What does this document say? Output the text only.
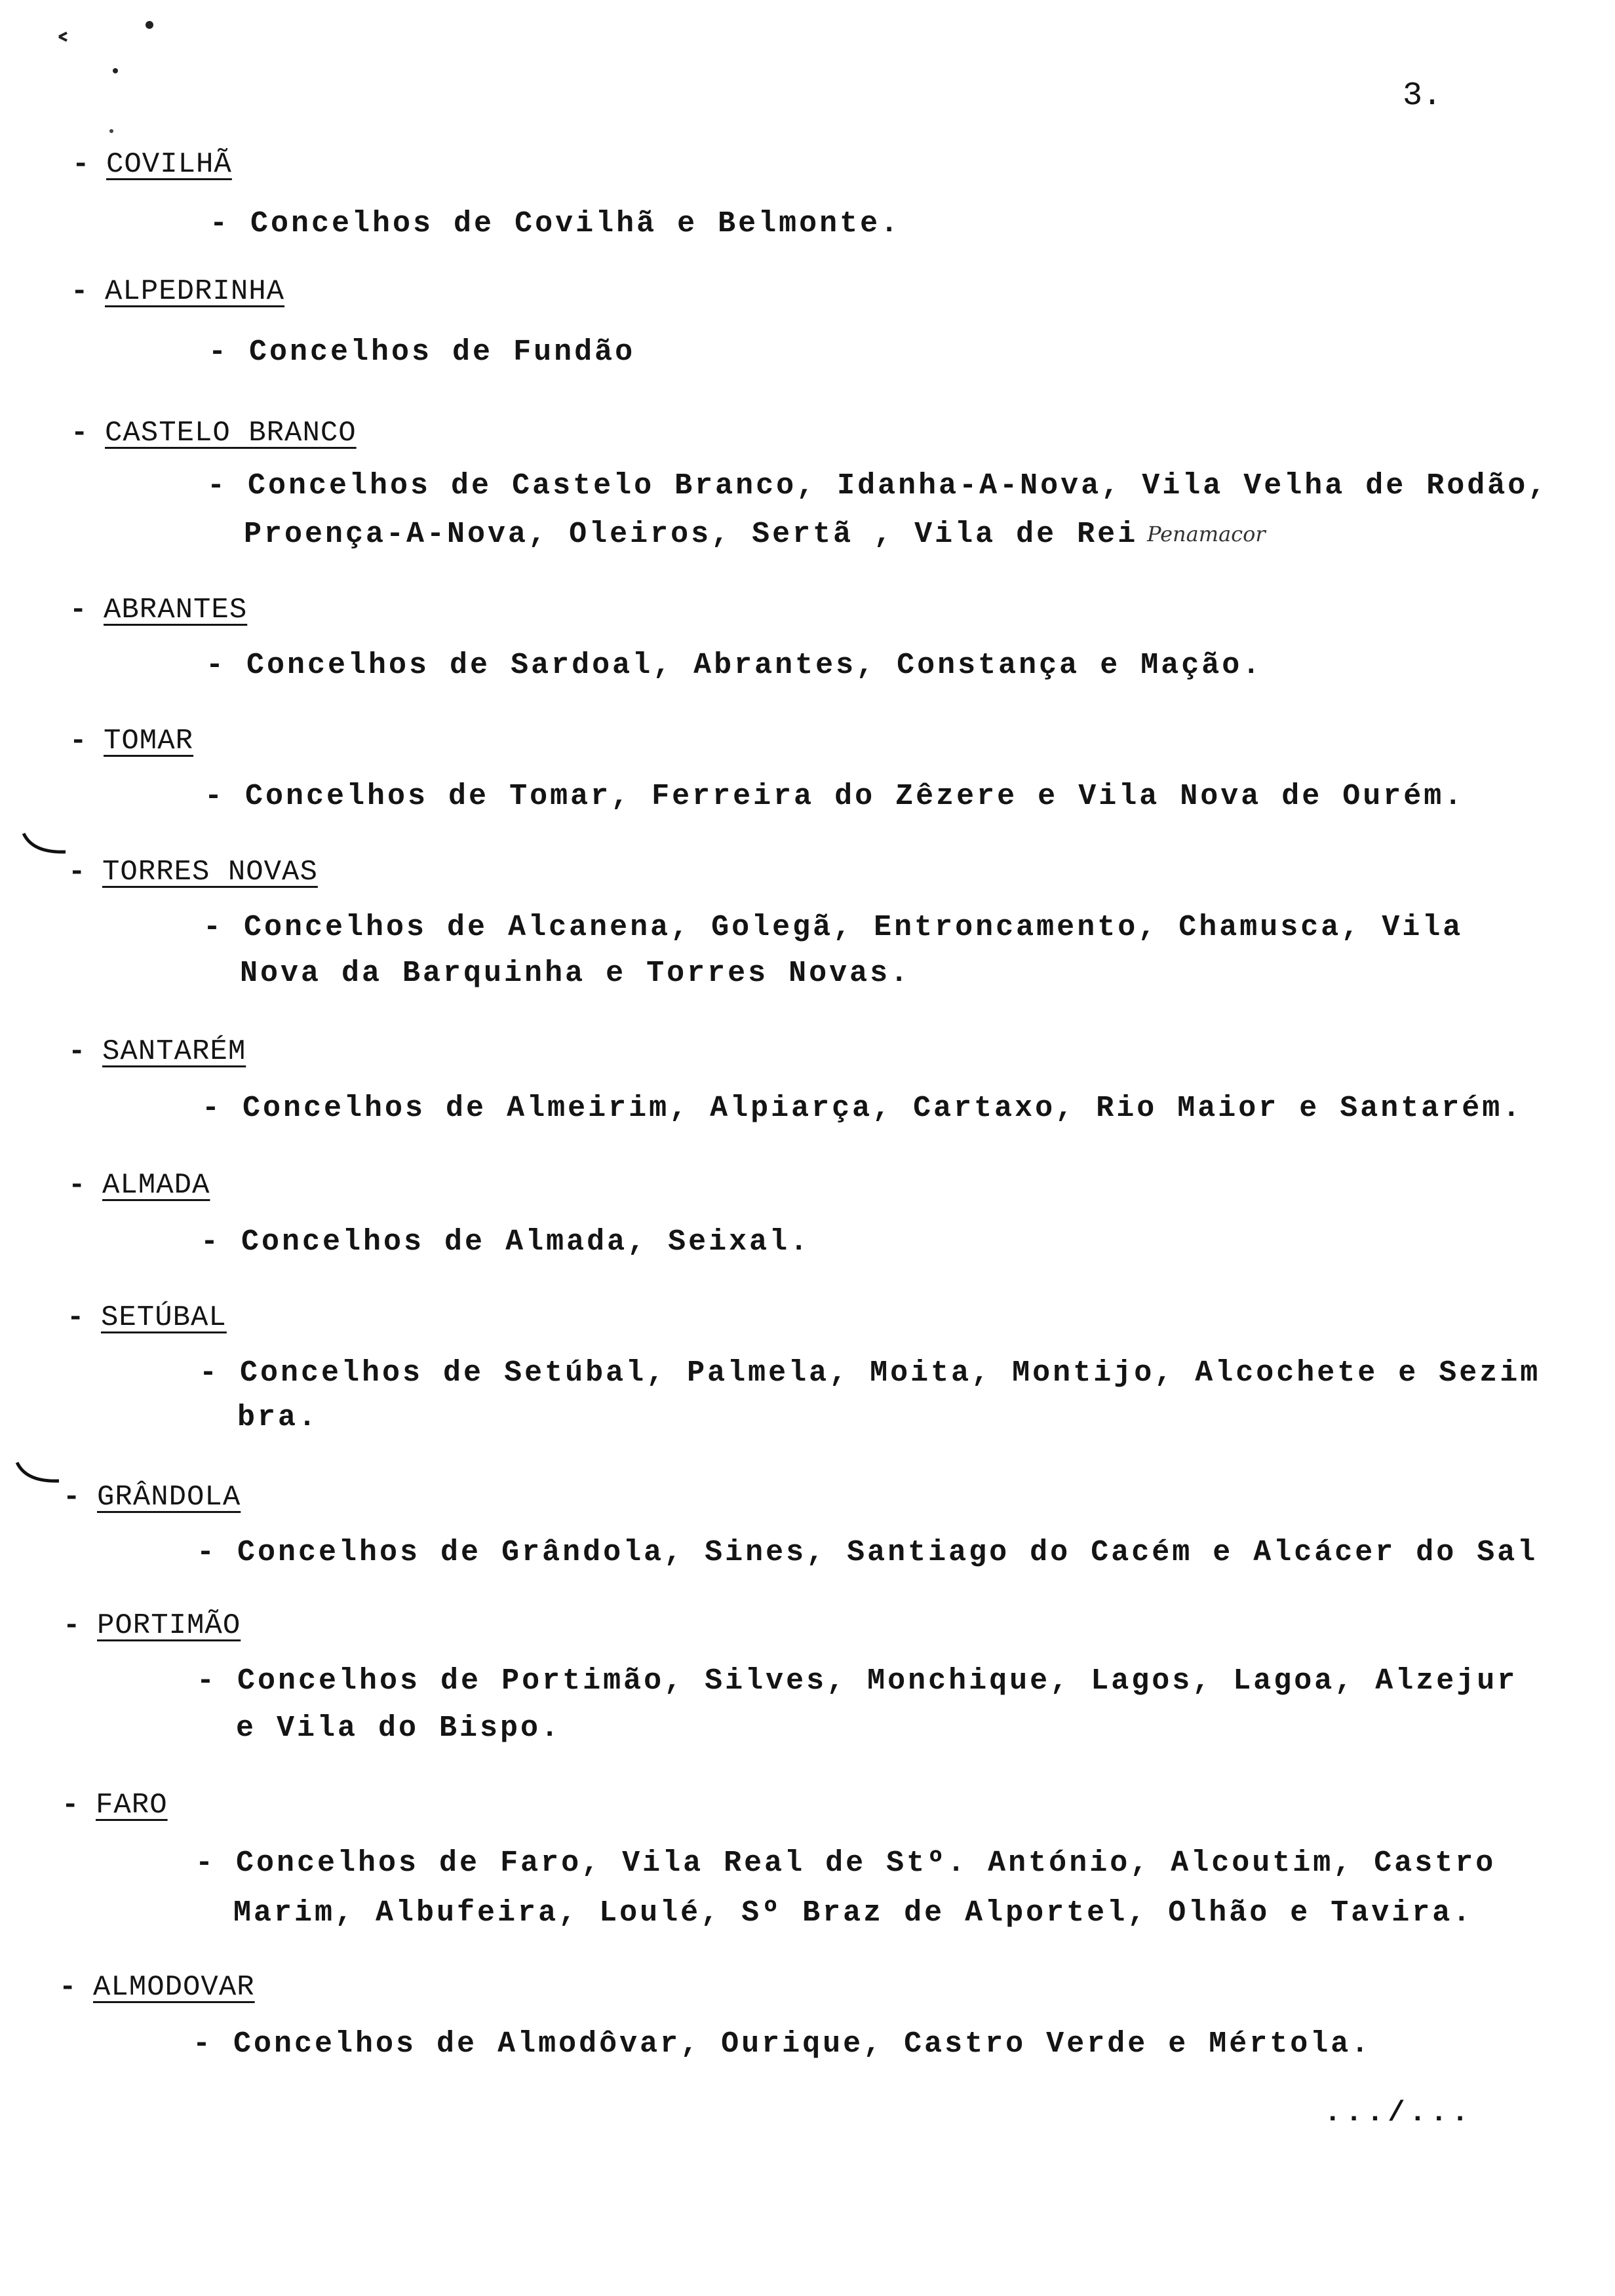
3.
- COVILHÃ
- Concelhos de Covilhã e Belmonte.
- ALPEDRINHA
- Concelhos de Fundão
- CASTELO BRANCO
- Concelhos de Castelo Branco, Idanha-A-Nova, Vila Velha de Rodão,
Proença-A-Nova, Oleiros, Sertã , Vila de Rei Penamacor
- ABRANTES
- Concelhos de Sardoal, Abrantes, Constança e Mação.
- TOMAR
- Concelhos de Tomar, Ferreira do Zêzere e Vila Nova de Ourém.
- TORRES NOVAS
- Concelhos de Alcanena, Golegã, Entroncamento, Chamusca, Vila
Nova da Barquinha e Torres Novas.
- SANTARÉM
- Concelhos de Almeirim, Alpiarça, Cartaxo, Rio Maior e Santarém.
- ALMADA
- Concelhos de Almada, Seixal.
- SETÚBAL
- Concelhos de Setúbal, Palmela, Moita, Montijo, Alcochete e Sezim
bra.
- GRÂNDOLA
- Concelhos de Grândola, Sines, Santiago do Cacém e Alcácer do Sal
- PORTIMÃO
- Concelhos de Portimão, Silves, Monchique, Lagos, Lagoa, Alzejur
e Vila do Bispo.
- FARO
- Concelhos de Faro, Vila Real de Stº. António, Alcoutim, Castro
Marim, Albufeira, Loulé, Sº Braz de Alportel, Olhão e Tavira.
- ALMODOVAR
- Concelhos de Almodôvar, Ourique, Castro Verde e Mértola.
.../...
